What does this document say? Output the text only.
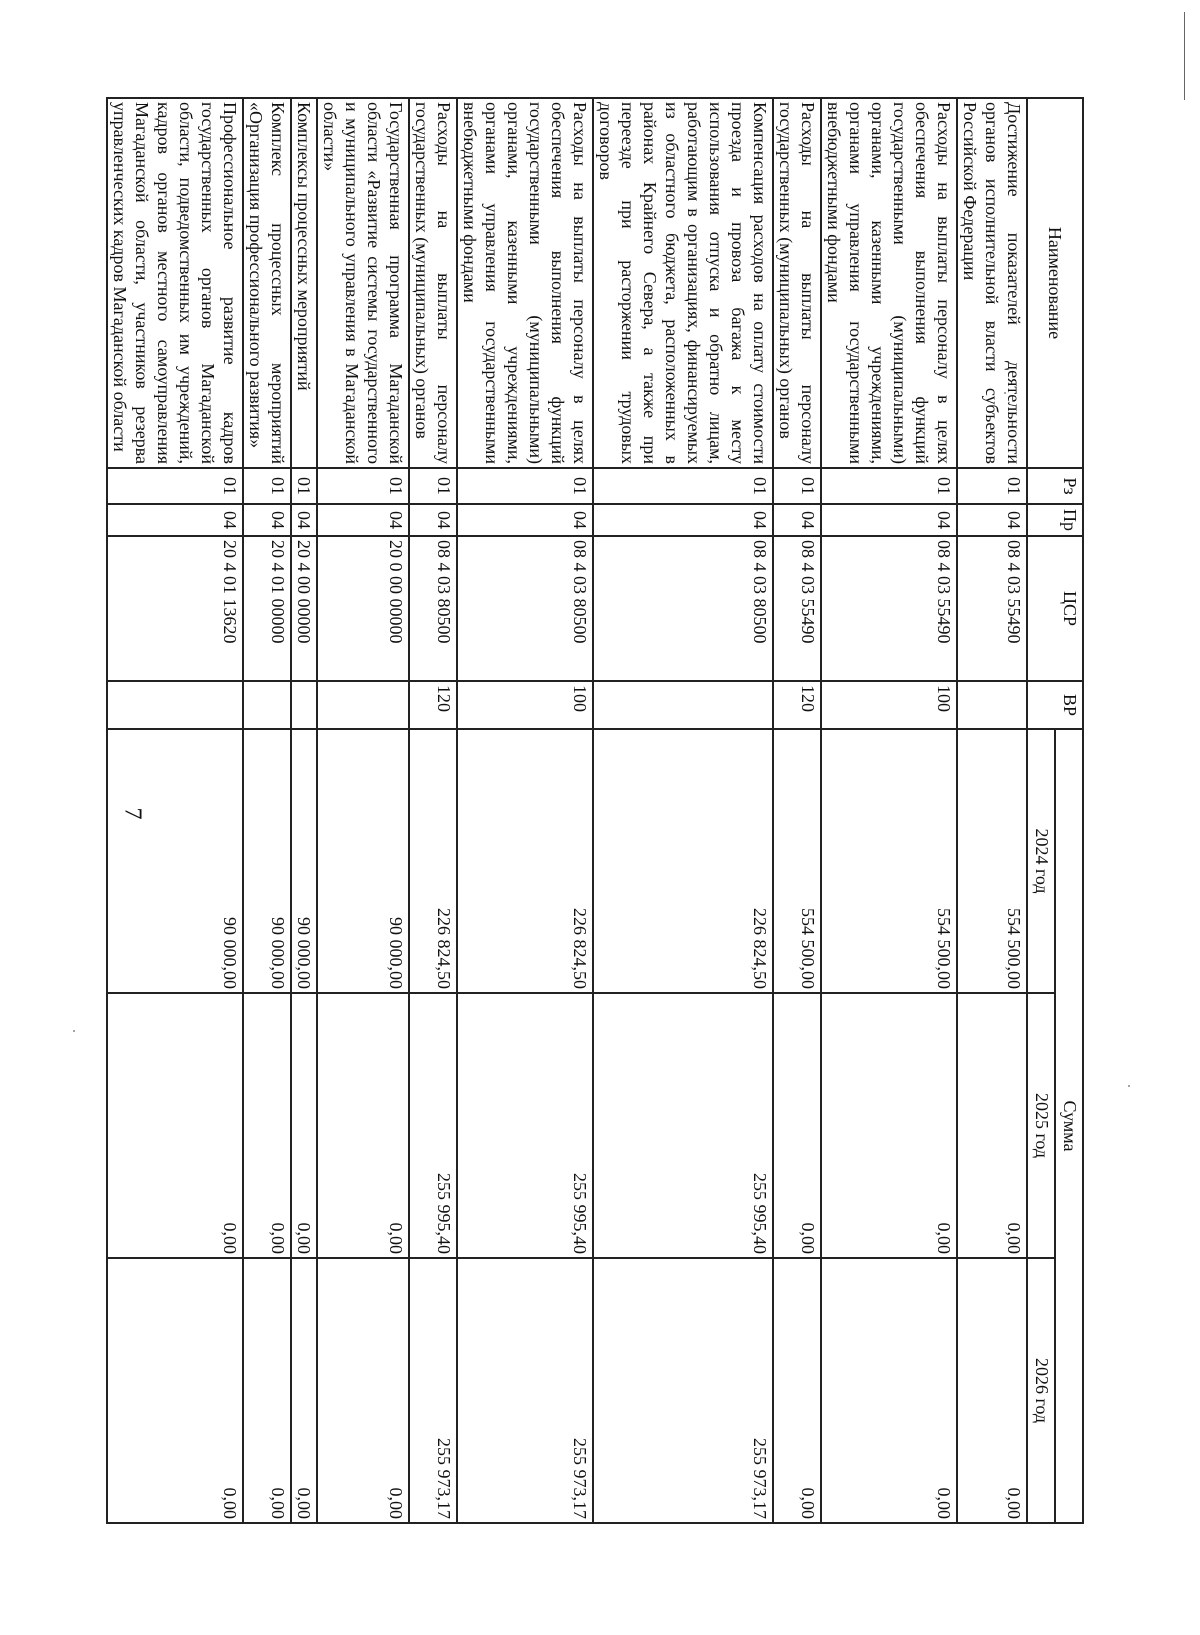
7
Наименование	Рз	Пр	ЦСР	ВР	Сумма		
					2024 год	2025 год	2026 год
Достижение показателей деятельности органов исполнительной власти субъектов Российской Федерации	01	04	08 4 03 55490		554 500,00	0,00	0,00
Расходы на выплаты персоналу в целях обеспечения выполнения функций государственными (муниципальными) органами, казенными учреждениями, органами управления государственными внебюджетными фондами	01	04	08 4 03 55490	100	554 500,00	0,00	0,00
Расходы на выплаты персоналу государственных (муниципальных) органов	01	04	08 4 03 55490	120	554 500,00	0,00	0,00
Компенсация расходов на оплату стоимости проезда и провоза багажа к месту использования отпуска и обратно лицам, работающим в организациях, финансируемых из областного бюджета, расположенных в районах Крайнего Севера, а также при переезде при расторжении трудовых договоров	01	04	08 4 03 80500		226 824,50	255 995,40	255 973,17
Расходы на выплаты персоналу в целях обеспечения выполнения функций государственными (муниципальными) органами, казенными учреждениями, органами управления государственными внебюджетными фондами	01	04	08 4 03 80500	100	226 824,50	255 995,40	255 973,17
Расходы на выплаты персоналу государственных (муниципальных) органов	01	04	08 4 03 80500	120	226 824,50	255 995,40	255 973,17
Государственная программа Магаданской области «Развитие системы государственного и муниципального управления в Магаданской области»	01	04	20 0 00 00000		90 000,00	0,00	0,00
Комплексы процессных мероприятий	01	04	20 4 00 00000		90 000,00	0,00	0,00
Комплекс процессных мероприятий «Организация профессионального развития»	01	04	20 4 01 00000		90 000,00	0,00	0,00
Профессиональное развитие кадров государственных органов Магаданской области, подведомственных им учреждений, кадров органов местного самоуправления Магаданской области, участников резерва управленческих кадров Магаданской области	01	04	20 4 01 13620		90 000,00	0,00	0,00
